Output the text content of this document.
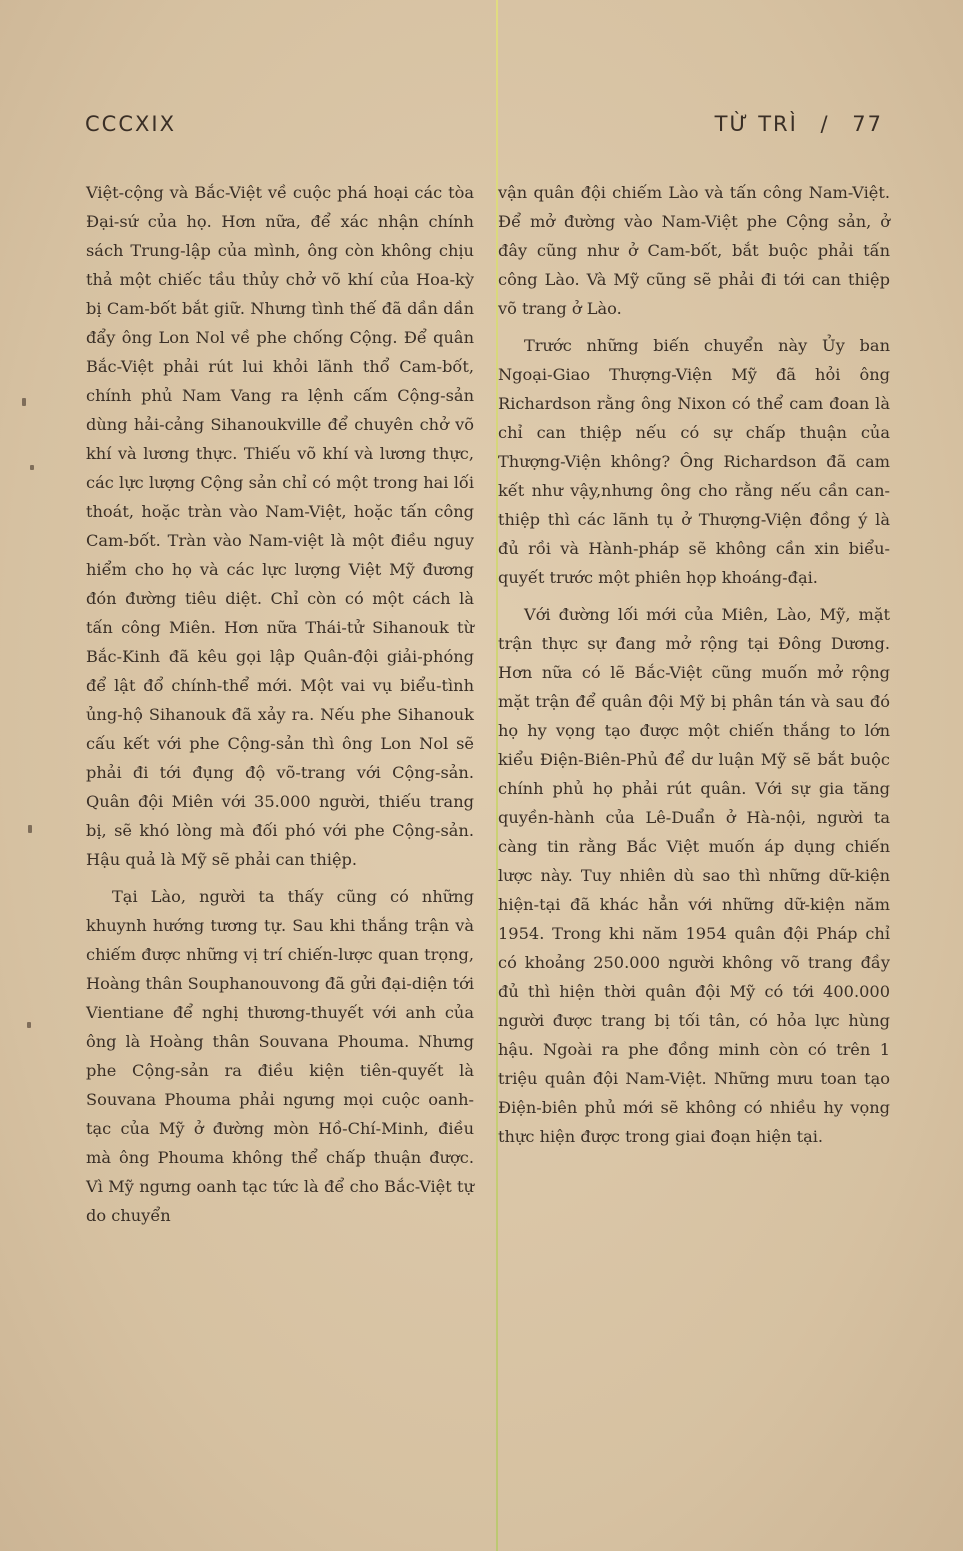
CCCXIX	TỪ TRÌ / 77

Việt-cộng và Bắc-Việt về cuộc phá hoại các tòa Đại-sứ của họ. Hơn nữa, để xác nhận chính sách Trung-lập của mình, ông còn không chịu thả một chiếc tầu thủy chở võ khí của Hoa-kỳ bị Cam-bốt bắt giữ. Nhưng tình thế đã dần dần đẩy ông Lon Nol về phe chống Cộng. Để quân Bắc-Việt phải rút lui khỏi lãnh thổ Cam-bốt, chính phủ Nam Vang ra lệnh cấm Cộng-sản dùng hải-cảng Sihanoukville để chuyên chở võ khí và lương thực. Thiếu võ khí và lương thực, các lực lượng Cộng sản chỉ có một trong hai lối thoát, hoặc tràn vào Nam-Việt, hoặc tấn công Cam-bốt. Tràn vào Nam-việt là một điều nguy hiểm cho họ và các lực lượng Việt Mỹ đương đón đường tiêu diệt. Chỉ còn có một cách là tấn công Miên. Hơn nữa Thái-tử Sihanouk từ Bắc-Kinh đã kêu gọi lập Quân-đội giải-phóng để lật đổ chính-thể mới. Một vai vụ biểu-tình ủng-hộ Sihanouk đã xảy ra. Nếu phe Sihanouk cấu kết với phe Cộng-sản thì ông Lon Nol sẽ phải đi tới đụng độ võ-trang với Cộng-sản. Quân đội Miên với 35.000 người, thiếu trang bị, sẽ khó lòng mà đối phó với phe Cộng-sản. Hậu quả là Mỹ sẽ phải can thiệp.

Tại Lào, người ta thấy cũng có những khuynh hướng tương tự. Sau khi thắng trận và chiếm được những vị trí chiến-lược quan trọng, Hoàng thân Souphanouvong đã gửi đại-diện tới Vientiane để nghị thương-thuyết với anh của ông là Hoàng thân Souvana Phouma. Nhưng phe Cộng-sản ra điều kiện tiên-quyết là Souvana Phouma phải ngưng mọi cuộc oanh-tạc của Mỹ ở đường mòn Hồ-Chí-Minh, điều mà ông Phouma không thể chấp thuận được. Vì Mỹ ngưng oanh tạc tức là để cho Bắc-Việt tự do chuyển

vận quân đội chiếm Lào và tấn công Nam-Việt. Để mở đường vào Nam-Việt phe Cộng sản, ở đây cũng như ở Cam-bốt, bắt buộc phải tấn công Lào. Và Mỹ cũng sẽ phải đi tới can thiệp võ trang ở Lào.

Trước những biến chuyển này Ủy ban Ngoại-Giao Thượng-Viện Mỹ đã hỏi ông Richardson rằng ông Nixon có thể cam đoan là chỉ can thiệp nếu có sự chấp thuận của Thượng-Viện không? Ông Richardson đã cam kết như vậy,nhưng ông cho rằng nếu cần can-thiệp thì các lãnh tụ ở Thượng-Viện đồng ý là đủ rồi và Hành-pháp sẽ không cần xin biểu-quyết trước một phiên họp khoáng-đại.

Với đường lối mới của Miên, Lào, Mỹ, mặt trận thực sự đang mở rộng tại Đông Dương. Hơn nữa có lẽ Bắc-Việt cũng muốn mở rộng mặt trận để quân đội Mỹ bị phân tán và sau đó họ hy vọng tạo được một chiến thắng to lớn kiểu Điện-Biên-Phủ để dư luận Mỹ sẽ bắt buộc chính phủ họ phải rút quân. Với sự gia tăng quyền-hành của Lê-Duẩn ở Hà-nội, người ta càng tin rằng Bắc Việt muốn áp dụng chiến lược này. Tuy nhiên dù sao thì những dữ-kiện hiện-tại đã khác hẳn với những dữ-kiện năm 1954. Trong khi năm 1954 quân đội Pháp chỉ có khoảng 250.000 người không võ trang đầy đủ thì hiện thời quân đội Mỹ có tới 400.000 người được trang bị tối tân, có hỏa lực hùng hậu. Ngoài ra phe đồng minh còn có trên 1 triệu quân đội Nam-Việt. Những mưu toan tạo Điện-biên phủ mới sẽ không có nhiều hy vọng thực hiện được trong giai đoạn hiện tại.
